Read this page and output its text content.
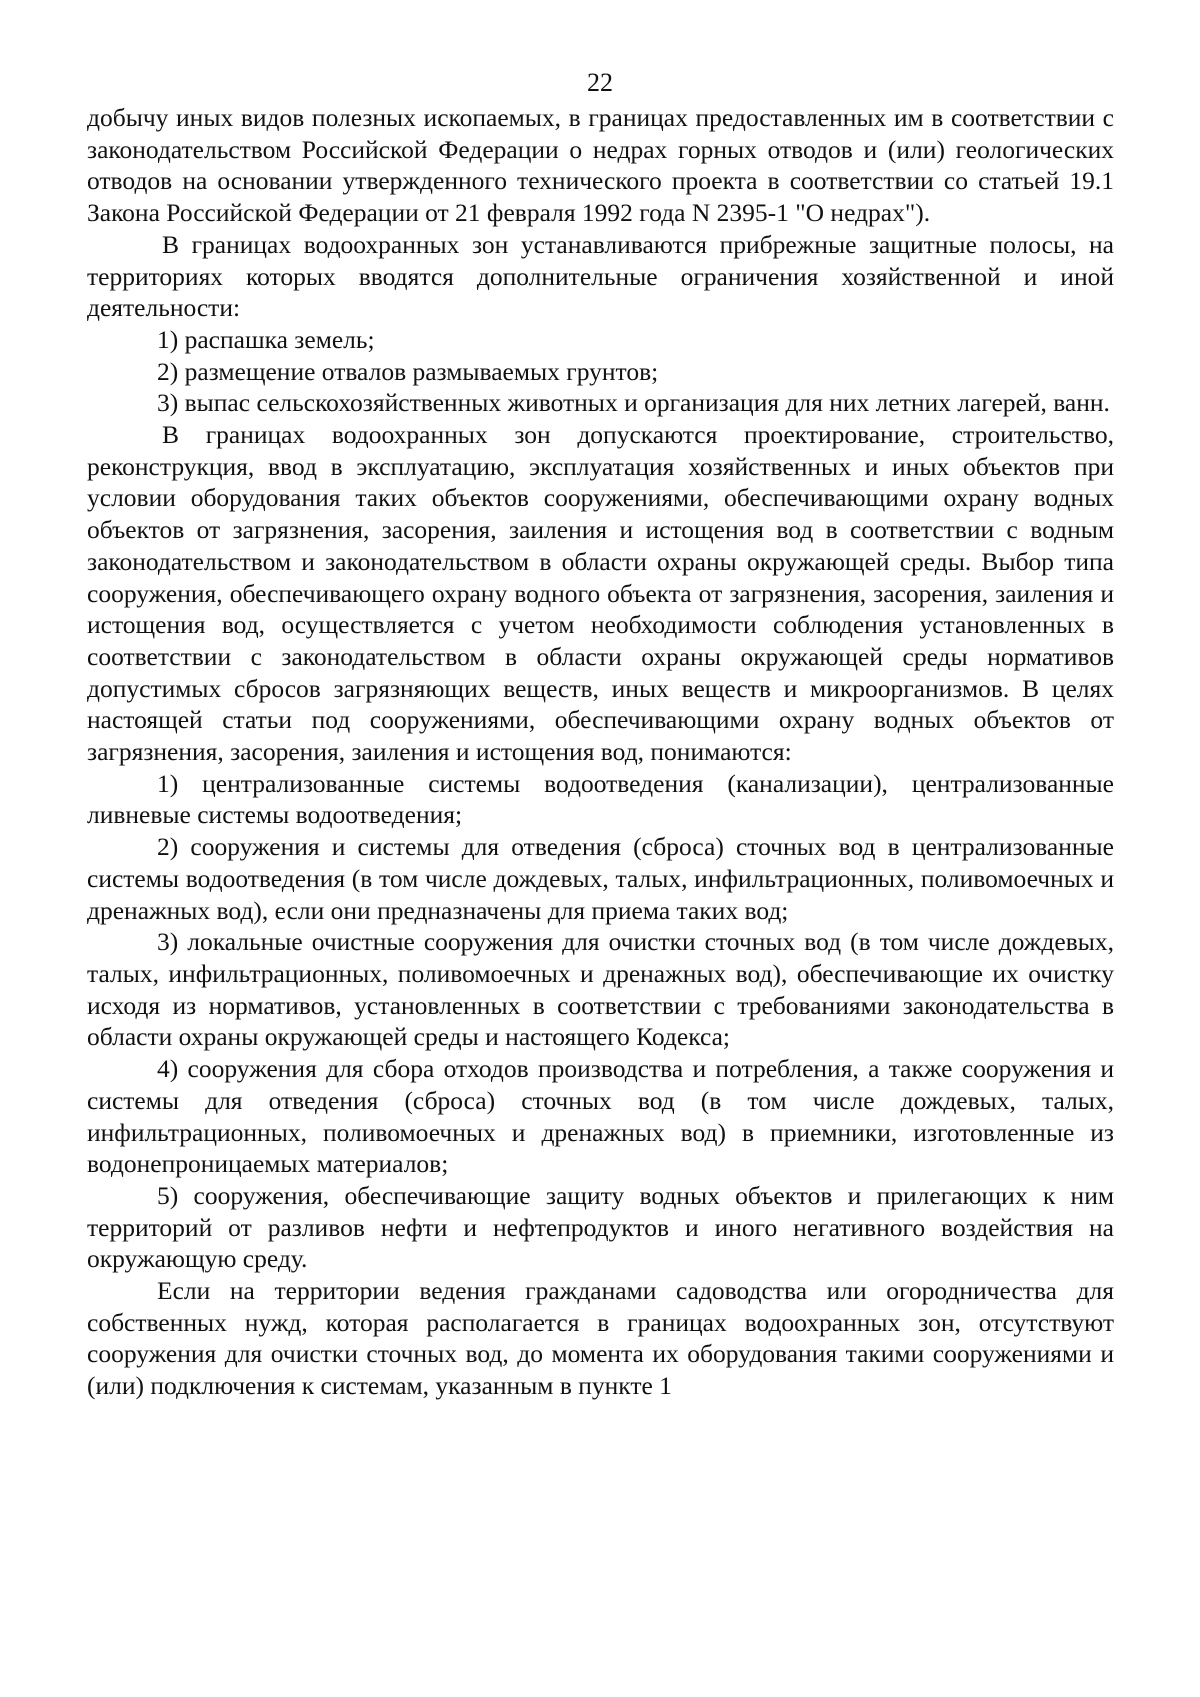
22

добычу иных видов полезных ископаемых, в границах предоставленных им в соответствии с законодательством Российской Федерации о недрах горных отводов и (или) геологических отводов на основании утвержденного технического проекта в соответствии со статьей 19.1 Закона Российской Федерации от 21 февраля 1992 года N 2395-1 "О недрах").

В границах водоохранных зон устанавливаются прибрежные защитные полосы, на территориях которых вводятся дополнительные ограничения хозяйственной и иной деятельности:

1) распашка земель;

2) размещение отвалов размываемых грунтов;

3) выпас сельскохозяйственных животных и организация для них летних лагерей, ванн.

В границах водоохранных зон допускаются проектирование, строительство, реконструкция, ввод в эксплуатацию, эксплуатация хозяйственных и иных объектов при условии оборудования таких объектов сооружениями, обеспечивающими охрану водных объектов от загрязнения, засорения, заиления и истощения вод в соответствии с водным законодательством и законодательством в области охраны окружающей среды. Выбор типа сооружения, обеспечивающего охрану водного объекта от загрязнения, засорения, заиления и истощения вод, осуществляется с учетом необходимости соблюдения установленных в соответствии с законодательством в области охраны окружающей среды нормативов допустимых сбросов загрязняющих веществ, иных веществ и микроорганизмов. В целях настоящей статьи под сооружениями, обеспечивающими охрану водных объектов от загрязнения, засорения, заиления и истощения вод, понимаются:

1) централизованные системы водоотведения (канализации), централизованные ливневые системы водоотведения;

2) сооружения и системы для отведения (сброса) сточных вод в централизованные системы водоотведения (в том числе дождевых, талых, инфильтрационных, поливомоечных и дренажных вод), если они предназначены для приема таких вод;

3) локальные очистные сооружения для очистки сточных вод (в том числе дождевых, талых, инфильтрационных, поливомоечных и дренажных вод), обеспечивающие их очистку исходя из нормативов, установленных в соответствии с требованиями законодательства в области охраны окружающей среды и настоящего Кодекса;

4) сооружения для сбора отходов производства и потребления, а также сооружения и системы для отведения (сброса) сточных вод (в том числе дождевых, талых, инфильтрационных, поливомоечных и дренажных вод) в приемники, изготовленные из водонепроницаемых материалов;

5) сооружения, обеспечивающие защиту водных объектов и прилегающих к ним территорий от разливов нефти и нефтепродуктов и иного негативного воздействия на окружающую среду.

Если на территории ведения гражданами садоводства или огородничества для собственных нужд, которая располагается в границах водоохранных зон, отсутствуют сооружения для очистки сточных вод, до момента их оборудования такими сооружениями и (или) подключения к системам, указанным в пункте 1
